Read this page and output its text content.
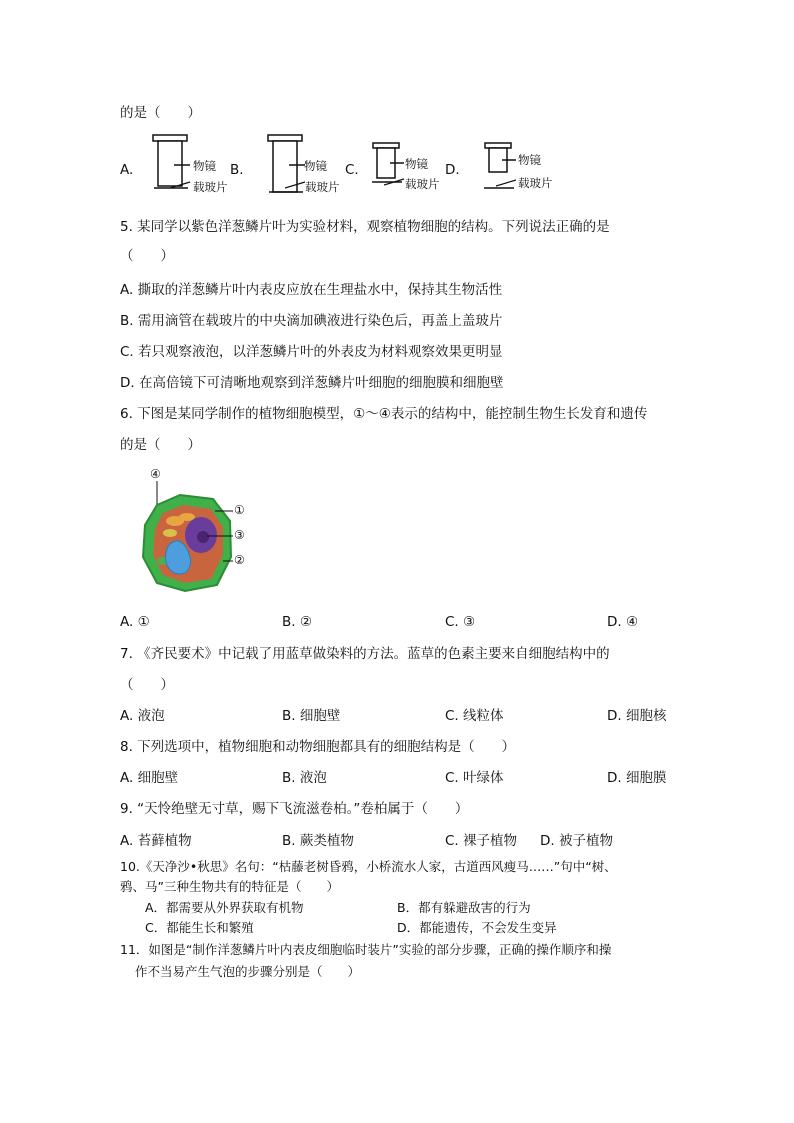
的是（　　）
A.	物镜
载玻片
B.	物镜
载玻片
C.	物镜
载玻片
D.
物镜
载玻片
5. 某同学以紫色洋葱鳞片叶为实验材料，观察植物细胞的结构。下列说法正确的是
（　　）
A. 撕取的洋葱鳞片叶内表皮应放在生理盐水中，保持其生物活性
B. 需用滴管在载玻片的中央滴加碘液进行染色后，再盖上盖玻片
C. 若只观察液泡，以洋葱鳞片叶的外表皮为材料观察效果更明显
D. 在高倍镜下可清晰地观察到洋葱鳞片叶细胞的细胞膜和细胞壁
6. 下图是某同学制作的植物细胞模型，①～④表示的结构中，能控制生物生长发育和遗传
的是（　　）
④
①
③
②
A. ①	B. ②	C. ③	D. ④
7. 《齐民要术》中记载了用蓝草做染料的方法。蓝草的色素主要来自细胞结构中的
（　　）
A. 液泡	B. 细胞壁	C. 线粒体	D. 细胞核
8. 下列选项中，植物细胞和动物细胞都具有的细胞结构是（　　）
A. 细胞壁	B. 液泡	C. 叶绿体	D. 细胞膜
9. “天怜绝壁无寸草，赐下飞流滋卷柏。”卷柏属于（　　）
A. 苔藓植物	B. 蕨类植物	C. 裸子植物 D. 被子植物
10.《天净沙•秋思》名句：“枯藤老树昏鸦，小桥流水人家，古道西风瘦马……”句中“树、
鸦、马”三种生物共有的特征是（　　）
A．都需要从外界获取有机物	B．都有躲避敌害的行为
C．都能生长和繁殖	D．都能遗传，不会发生变异
11．如图是“制作洋葱鳞片叶内表皮细胞临时装片”实验的部分步骤，正确的操作顺序和操
作不当易产生气泡的步骤分别是（　　）
